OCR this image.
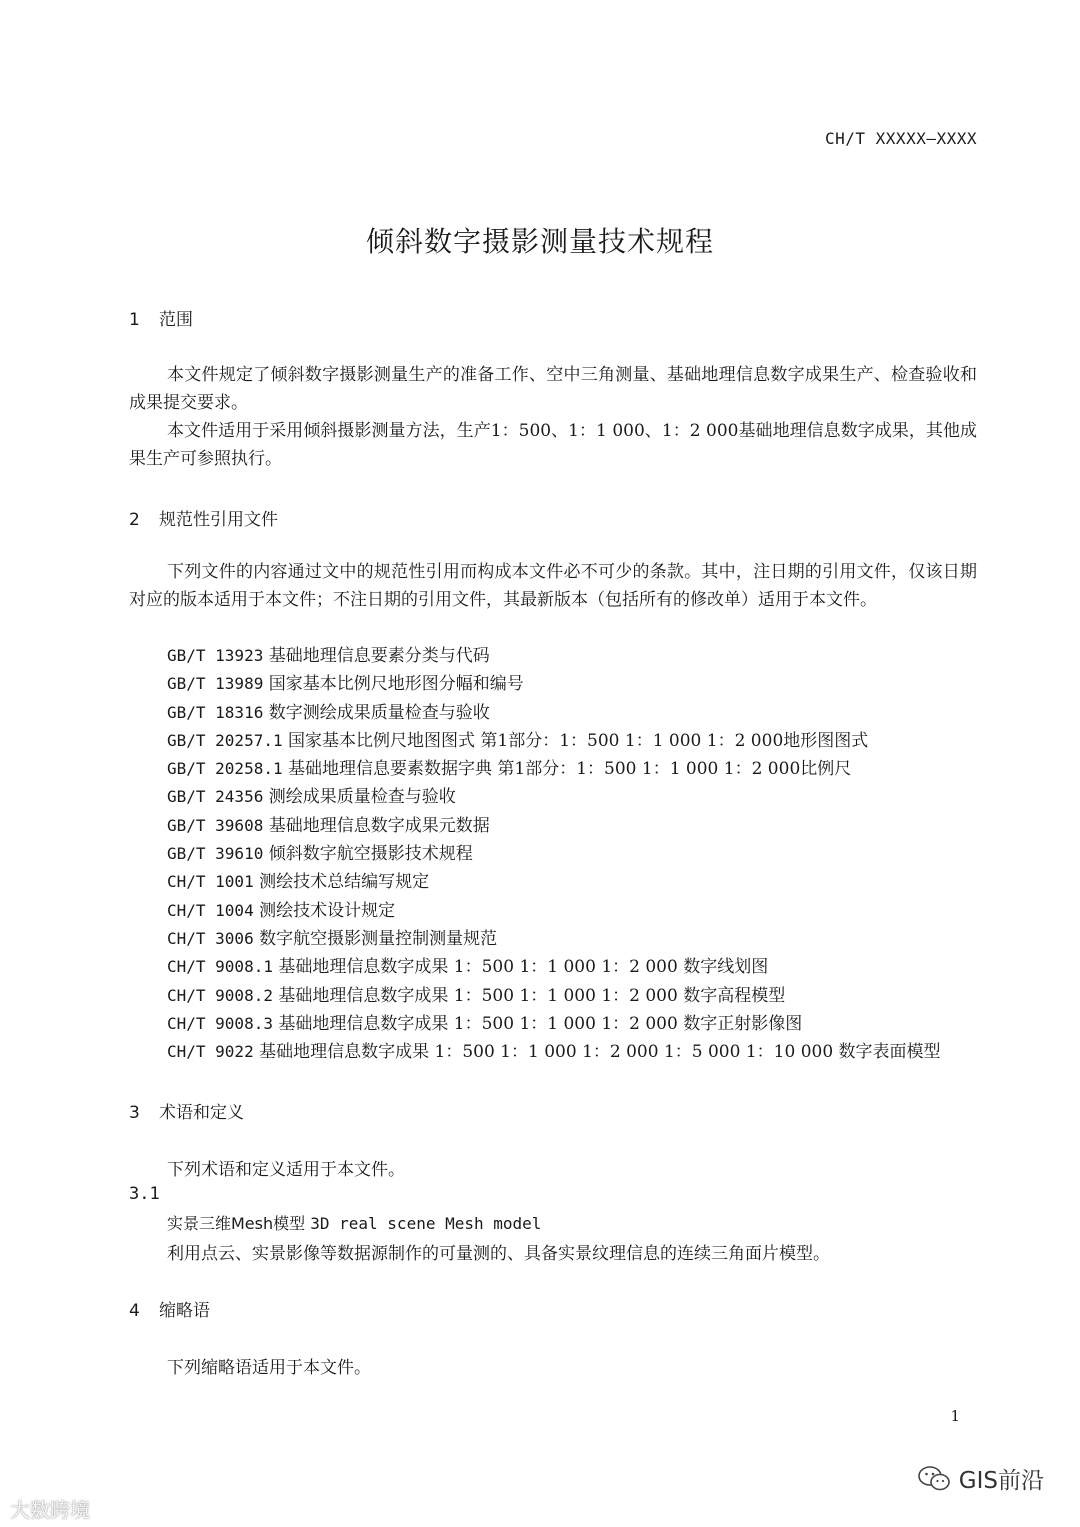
CH/T XXXXX—XXXX
倾斜数字摄影测量技术规程
1 范围
本文件规定了倾斜数字摄影测量生产的准备工作、空中三角测量、基础地理信息数字成果生产、检查验收和成果提交要求。
本文件适用于采用倾斜摄影测量方法，生产1：500、1：1 000、1：2 000基础地理信息数字成果，其他成果生产可参照执行。
2 规范性引用文件
下列文件的内容通过文中的规范性引用而构成本文件必不可少的条款。其中，注日期的引用文件，仅该日期对应的版本适用于本文件；不注日期的引用文件，其最新版本（包括所有的修改单）适用于本文件。
GB/T 13923 基础地理信息要素分类与代码
GB/T 13989 国家基本比例尺地形图分幅和编号
GB/T 18316 数字测绘成果质量检查与验收
GB/T 20257.1 国家基本比例尺地图图式 第1部分：1：500 1：1 000 1：2 000地形图图式
GB/T 20258.1 基础地理信息要素数据字典 第1部分：1：500 1：1 000 1：2 000比例尺
GB/T 24356 测绘成果质量检查与验收
GB/T 39608 基础地理信息数字成果元数据
GB/T 39610 倾斜数字航空摄影技术规程
CH/T 1001 测绘技术总结编写规定
CH/T 1004 测绘技术设计规定
CH/T 3006 数字航空摄影测量控制测量规范
CH/T 9008.1 基础地理信息数字成果 1：500 1：1 000 1：2 000 数字线划图
CH/T 9008.2 基础地理信息数字成果 1：500 1：1 000 1：2 000 数字高程模型
CH/T 9008.3 基础地理信息数字成果 1：500 1：1 000 1：2 000 数字正射影像图
CH/T 9022 基础地理信息数字成果 1：500 1：1 000 1：2 000 1：5 000 1：10 000 数字表面模型
3 术语和定义
下列术语和定义适用于本文件。
3.1
实景三维Mesh模型 3D real scene Mesh model
利用点云、实景影像等数据源制作的可量测的、具备实景纹理信息的连续三角面片模型。
4 缩略语
下列缩略语适用于本文件。
1
大数跨境
GIS前沿
